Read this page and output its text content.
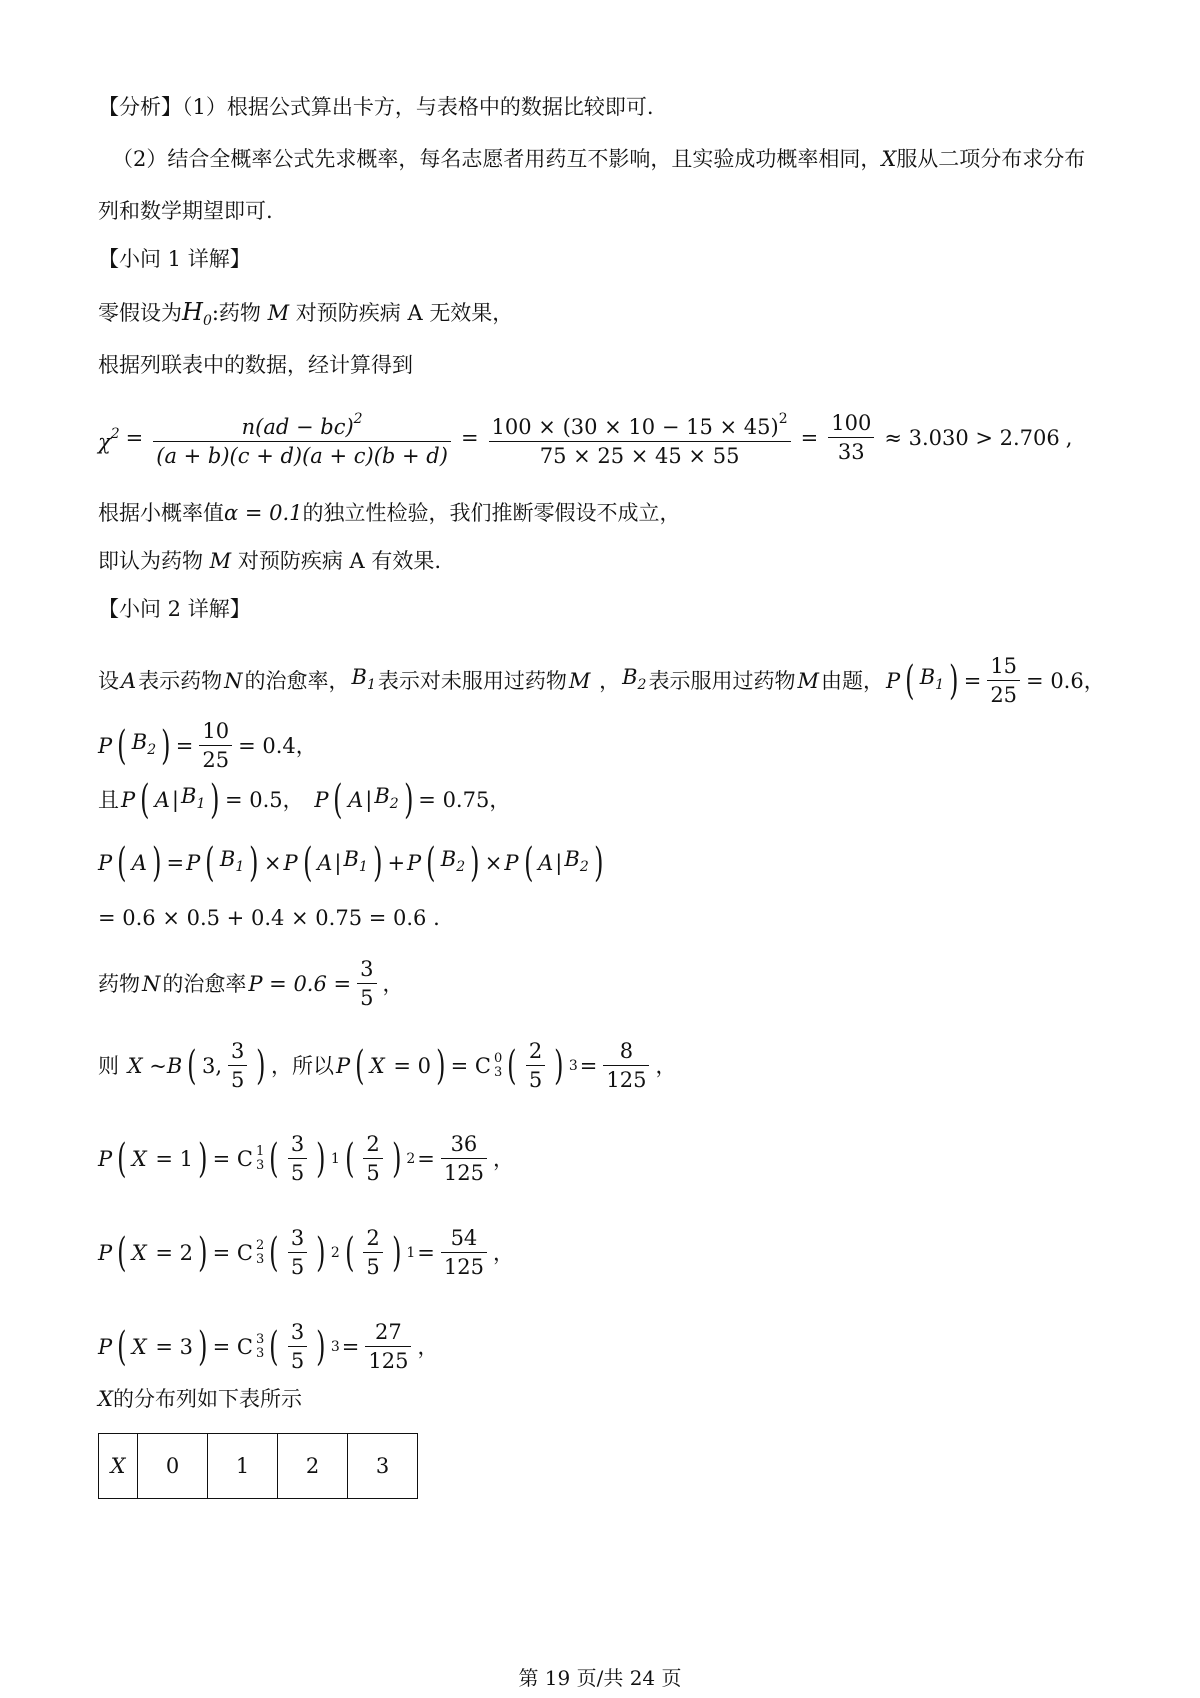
【分析】（1）根据公式算出卡方，与表格中的数据比较即可.
（2）结合全概率公式先求概率，每名志愿者用药互不影响，且实验成功概率相同，X服从二项分布求分布
列和数学期望即可.
【小问 1 详解】
零假设为$H_0$:药物 M 对预防疾病 A 无效果，
根据列联表中的数据，经计算得到
$\chi^2 = \frac{n(ad - bc)^2}{(a + b)(c + d)(a + c)(b + d)} = \frac{100 \times (30 \times 10 - 15 \times 45)^2}{75 \times 25 \times 45 \times 55} = \frac{100}{33} \approx 3.030 > 2.706$ ,
根据小概率值α = 0.1的独立性检验，我们推断零假设不成立，
即认为药物 M 对预防疾病 A 有效果.
【小问 2 详解】
设 A 表示药物 N 的治愈率， $B_1$ 表示对未服用过药物 M ， $B_2$ 表示服用过药物 M 由题， P ( $B_1$ ) = $\frac{15}{25} = 0.6$，
P ( $B_2$ ) = $\frac{10}{25} = 0.4$，
且 P ( A | $B_1$ ) = 0.5，
P ( A | $B_2$ ) = 0.75，
P ( A ) = P ( $B_1$ ) × P ( A | $B_1$ ) + P ( $B_2$ ) × P ( A | $B_2$ )
= 0.6 × 0.5 + 0.4 × 0.75 = 0.6 .
药物 N 的治愈率 $P = 0.6 = \frac{3}{5}$ ，
则 X ~B ( 3, $\frac{3}{5}$ ) ，所以 P ( X = 0 ) = C 0
3 ( $\frac{2}{5}$ ) $3 = \frac{8}{125}$ ，
P ( X = 1 ) = C 1
3 ( $\frac{3}{5}$ ) 1 ( $\frac{2}{5}$ ) $2 = \frac{36}{125}$ ，
P ( X = 2 ) = C 2
3 ( $\frac{3}{5}$ ) 2 ( $\frac{2}{5}$ ) $1 = \frac{54}{125}$ ，
P ( X = 3 ) = C 3
3 ( $\frac{3}{5}$ ) $3 = \frac{27}{125}$ ，
X的分布列如下表所示
X	0	1	2	3
第 19 页/共 24 页
